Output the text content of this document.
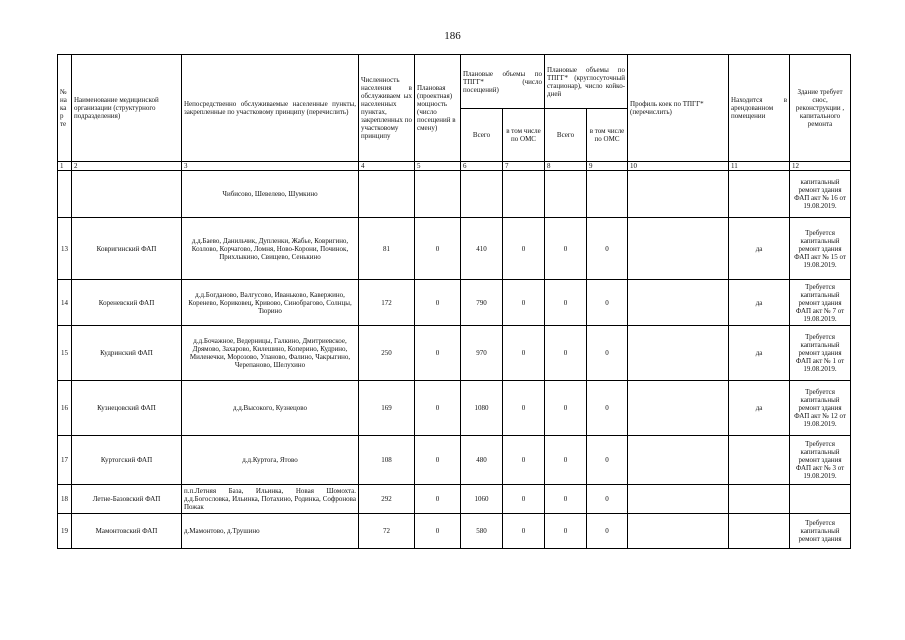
186
№ на кар те	Наименование медицинской организации (структурного подразделения)	Непосредственно обслуживаемые населенные пункты, закрепленные по участковому принципу (перечислить)	Численность населения в обслуживаем ых населенных пунктах, закрепленных по участковому принципу	Плановая (проектная) мощность (число посещений в смену)	Плановые объемы по ТПГГ* (число посещений)		Плановые объемы по ТПГГ* (круглосуточный стационар), число койко-дней		Профиль коек по ТПГГ* (перечислить)	Находится в арендованном помещении	Здание требует снос, реконструкции , капитального ремонта
					Всего	в том числе по ОМС	Всего	в том числе по ОМС			
1	2	3	4	5	6	7	8	9	10	11	12
		Чибисово, Шевелево, Шумкино									капитальный ремонт здания ФАП акт № 16 от 19.08.2019.
13	Ковригинский ФАП	д.д.Баево, Данильчик, Дупленки, Жабье, Ковригино, Козлово, Корчагово, Ломня, Ново-Корони, Починок, Прихлыкино, Свищево, Сенькино	81	0	410	0	0	0		да	Требуется капитальный ремонт здания ФАП акт № 15 от 19.08.2019.
14	Кореневский ФАП	д.д.Богданово, Валгусово, Иваньково, Кавержино, Коренево, Кориковец, Кривово, Синобрагово, Солнцы, Тюрино	172	0	790	0	0	0		да	Требуется капитальный ремонт здания ФАП акт № 7 от 19.08.2019.
15	Кудринский ФАП	д.д.Бочажное, Ведерницы, Галкино, Дмитриевское, Дрямово, Захарово, Килешино, Коперино, Кудрино, Миленечки, Морозово, Уланово, Фалино, Чакрыгино, Черепаново, Шелухино	250	0	970	0	0	0		да	Требуется капитальный ремонт здания ФАП акт № 1 от 19.08.2019.
16	Кузнецовский ФАП	д.д.Высокого, Кузнецово	169	0	1080	0	0	0		да	Требуется капитальный ремонт здания ФАП акт № 12 от 19.08.2019.
17	Куртогский ФАП	д.д.Куртога, Ятово	108	0	480	0	0	0			Требуется капитальный ремонт здания ФАП акт № 3 от 19.08.2019.
18	Летне-Базовский ФАП	п.п.Летняя База, Ильинка, Новая Шомохта. д.д.Богословка, Ильинка, Потахино, Родинка, Софронова Пожак	292	0	1060	0	0	0			
19	Мамонтовский ФАП	д.Мамонтово, д.Трушино	72	0	580	0	0	0			Требуется капитальный ремонт здания
